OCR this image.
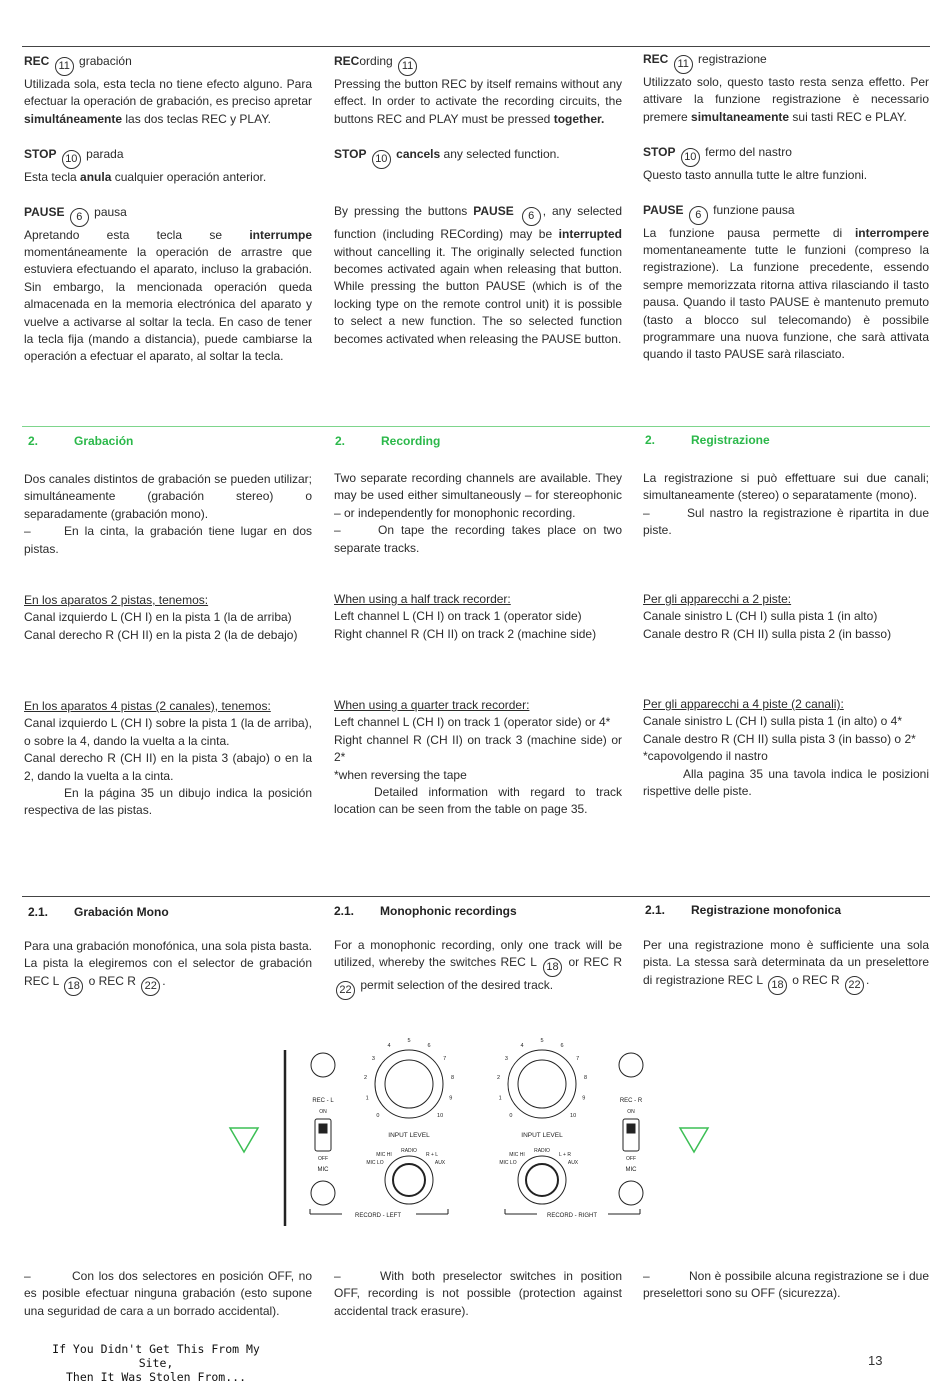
REC 11 grabación

Utilizada sola, esta tecla no tiene efecto alguno. Para efectuar la operación de grabación, es preciso apretar simultáneamente las dos teclas REC y PLAY.

STOP 10 parada

Esta tecla anula cualquier operación anterior.

PAUSE 6 pausa

Apretando esta tecla se interrumpe momentáneamente la operación de arrastre que estuviera efectuando el aparato, incluso la grabación. Sin embargo, la mencionada operación queda almacenada en la memoria electrónica del aparato y vuelve a activarse al soltar la tecla. En caso de tener la tecla fija (mando a distancia), puede cambiarse la operación a efectuar el aparato, al soltar la tecla.

RECording 11

Pressing the button REC by itself remains without any effect. In order to activate the recording circuits, the buttons REC and PLAY must be pressed together.

STOP 10 cancels any selected function.

By pressing the buttons PAUSE 6 , any selected function (including RECording) may be interrupted without cancelling it. The originally selected function becomes activated again when releasing that button. While pressing the button PAUSE (which is of the locking type on the remote control unit) it is possible to select a new function. The so selected function becomes activated when releasing the PAUSE button.

REC 11 registrazione

Utilizzato solo, questo tasto resta senza effetto. Per attivare la funzione registrazione è necessario premere simultaneamente sui tasti REC e PLAY.

STOP 10 fermo del nastro

Questo tasto annulla tutte le altre funzioni.

PAUSE 6 funzione pausa

La funzione pausa permette di interrompere momentaneamente tutte le funzioni (compreso la registrazione). La funzione precedente, essendo sempre memorizzata ritorna attiva rilasciando il tasto pausa. Quando il tasto PAUSE è mantenuto premuto (tasto a blocco sul telecomando) è possibile programmare una nuova funzione, che sarà attivata quando il tasto PAUSE sarà rilasciato.

2.	Grabación	2.	Recording	2.	Registrazione

Dos canales distintos de grabación se pueden utilizar; simultáneamente (grabación stereo) o separadamente (grabación mono).

–	En la cinta, la grabación tiene lugar en dos pistas.

En los aparatos 2 pistas, tenemos:

Canal izquierdo L (CH I) en la pista 1 (la de arriba)

Canal derecho R (CH II) en la pista 2 (la de debajo)

En los aparatos 4 pistas (2 canales), tenemos:

Canal izquierdo L (CH I) sobre la pista 1 (la de arriba), o sobre la 4, dando la vuelta a la cinta.

Canal derecho R (CH II) en la pista 3 (abajo) o en la 2, dando la vuelta a la cinta.

En la página 35 un dibujo indica la posición respectiva de las pistas.

Two separate recording channels are available. They may be used either simultaneously – for stereophonic – or independently for monophonic recording.

–	On tape the recording takes place on two separate tracks.

When using a half track recorder:

Left channel L (CH I) on track 1 (operator side)

Right channel R (CH II) on track 2 (machine side)

When using a quarter track recorder:

Left channel L (CH I) on track 1 (operator side) or 4*

Right channel R (CH II) on track 3 (machine side) or 2*

*when reversing the tape

Detailed information with regard to track location can be seen from the table on page 35.

La registrazione si può effettuare sui due canali; simultaneamente (stereo) o separatamente (mono).

–	Sul nastro la registrazione è ripartita in due piste.

Per gli apparecchi a 2 piste:

Canale sinistro L (CH I) sulla pista 1 (in alto)

Canale destro R (CH II) sulla pista 2 (in basso)

Per gli apparecchi a 4 piste (2 canali):

Canale sinistro L (CH I) sulla pista 1 (in alto) o 4*

Canale destro R (CH II) sulla pista 3 (in basso) o 2*

*capovolgendo il nastro

Alla pagina 35 una tavola indica le posizioni rispettive delle piste.

2.1. Grabación Mono	2.1. Monophonic recordings	2.1. Registrazione monofonica

Para una grabación monofónica, una sola pista basta. La pista la elegiremos con el selector de grabación REC L 18 o REC R 22 .

For a monophonic recording, only one track will be utilized, whereby the switches REC L 18 or REC R 22 permit selection of the desired track.

Per una registrazione mono è sufficiente una sola pista. La stessa sarà determinata da un preselettore di registrazione REC L 18 o REC R 22 .

REC - L
ON
OFF
MIC
REC - R
ON
OFF
MIC
0
1
2
3
4
5
6
7
8
9
10
INPUT LEVEL
0
1
2
3
4
5
6
7
8
9
10
INPUT LEVEL
RADIO
MIC HI	R + L
MIC LO	AUX
RADIO
MIC HI	L + R
MIC LO	AUX
RECORD - LEFT	RECORD - RIGHT

–	Con los dos selectores en posición OFF, no es posible efectuar ninguna grabación (esto supone una seguridad de cara a un borrado accidental).

–	With both preselector switches in position OFF, recording is not possible (protection against accidental track erasure).

–	Non è possibile alcuna registrazione se i due preselettori sono su OFF (sicurezza).

If You Didn't Get This From My Site,
Then It Was Stolen From...
13
